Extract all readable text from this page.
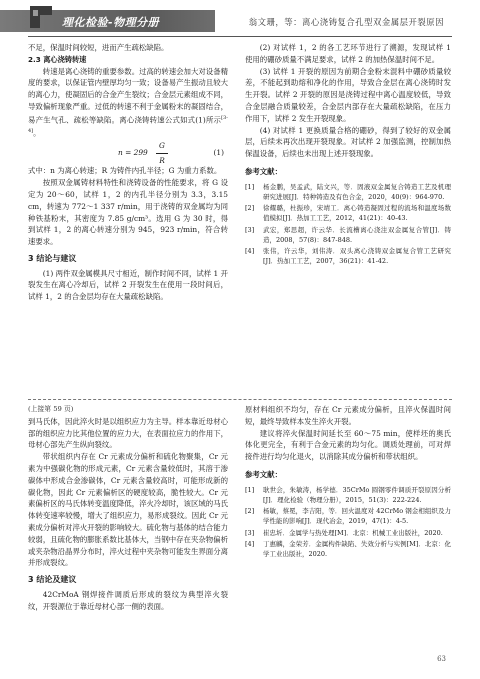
理化检验-物理分册	翁文珊，等：离心浇铸复合孔型双金属层开裂原因

不足，保温时间较短，进而产生疏松缺陷。

2.3 离心浇铸转速

转速是离心浇铸的重要参数。过高的转速会加大对设备精度的要求，以保证管内壁厚均匀一致；设备易产生振动且较大的离心力，使凝固后的合金产生裂纹；合金层元素组成不同，导致偏析现象严重。过低的转速不利于金属粉末的凝固结合，易产生气孔、疏松等缺陷。离心浇铸转速公式如式(1)所示[3-4]。

n = 299
G
R
(1)

式中：n 为离心转速；R 为铸件内孔半径；G 为重力系数。

按照双金属铸材料特性和浇铸设备的性能要求，将 G 设定为 20～60，试样 1，2 的内孔半径分别为 3.3，3.15 cm，转速为 772～1 337 r/min，用于浇铸的双金属均为同种铁基粉末，其密度为 7.85 g/cm³。选用 G 为 30 时，得到试样 1，2 的离心转速分别为 945，923 r/min，符合转速要求。

3 结论与建议

(1) 两件双金属模具尺寸相近，制作时间不同，试样 1 开裂发生在离心冷却后，试样 2 开裂发生在使用一段时间后，试样 1，2 的合金层均存在大量疏松缺陷。

(2) 对试样 1，2 的各工艺环节进行了溯源，发现试样 1 使用的硼砂质量不满足要求，试样 2 的加热保温时间不足。

(3) 试样 1 开裂的原因为前期合金粉末混料中硼砂质量较差，不能起到助熔和净化的作用，导致合金层在离心浇铸时发生开裂。试样 2 开裂的原因是浇铸过程中离心温度较低，导致合金层融合质量较差，合金层内部存在大量疏松缺陷，在压力作用下，试样 2 发生开裂现象。

(4) 对试样 1 更换质量合格的硼砂，得到了较好的双金属层，后续未再次出现开裂现象。对试样 2 加强监测，控制加热保温设备，后续也未出现上述开裂现象。

参考文献：
[1]	杨金鹏，吴孟武，陆文兴，等．固液双金属复合铸造工艺及机理研究进展[J]．特种铸造及有色合金，2020，40(9)：964-970.
[2]	徐耀璐，杜振珍，宋靖工．离心铸造凝固过程的流场和温度场数值模拟[J]．热加工工艺，2012，41(21)：40-43.
[3]	武宏，郑思超，许云华．长流槽离心浇注双金属复合管[J]．铸造，2008，57(8)：847-848.
[4]	张伟，许云华，刘伟涛．双头离心浇铸双金属复合管工艺研究[J]．热加工工艺，2007，36(21)：41-42.

(上接第 59 页)

到马氏体，因此淬火时是以组织应力为主导。样本靠近母材心部的组织应力比其他位置的应力大，在表面拉应力的作用下，母材心部先产生纵向裂纹。

带状组织内存在 Cr 元素成分偏析和硫化物聚集，Cr 元素为中强碳化物的形成元素，Cr 元素含量较低时，其溶于渗碳体中形成合金渗碳体，Cr 元素含量较高时，可能形成新的碳化物，因此 Cr 元素偏析区的硬度较高，脆性较大。Cr 元素偏析区的马氏体转变温度降低，淬火冷却时，该区域的马氏体转变速率较慢，增大了组织应力，易形成裂纹。因此 Cr 元素成分偏析对淬火开裂的影响较大。硫化物与基体的结合能力较弱，且硫化物的膨胀系数比基体大，当钢中存在夹杂物偏析或夹杂物沿晶界分布时，淬火过程中夹杂物可能发生界面分离并形成裂纹。

3 结论及建议

42CrMoA 钢焊接件调质后形成的裂纹为典型淬火裂纹，开裂源位于靠近母材心部一侧的表面。

原材料组织不均匀，存在 Cr 元素成分偏析，且淬火保温时间短，最终导致样本发生淬火开裂。

建议将淬火保温时间延长至 60～75 min，使样坯的奥氏体化更完全，有利于合金元素的均匀化。调质处理前，可对焊接件进行均匀化退火，以消除其成分偏析和带状组织。

参考文献：
[1]	耿世会，朱敏涛，杨学德．35CrMo 圆钢零件调质开裂原因分析[J]．理化检验（物理分册），2015，51(3)：222-224.
[2]	杨敏，蔡冕，李吉阳，等．回火温度对 42CrMo 钢金相组织及力学性能的影响[J]．现代冶金，2019，47(1)：4-5.
[3]	崔忠圻．金属学与热处理[M]．北京：机械工业出版社，2020.
[4]	丁惠麟，金荣芳．金属构件缺陷、失效分析与实例[M]．北京：化学工业出版社，2020.
63
